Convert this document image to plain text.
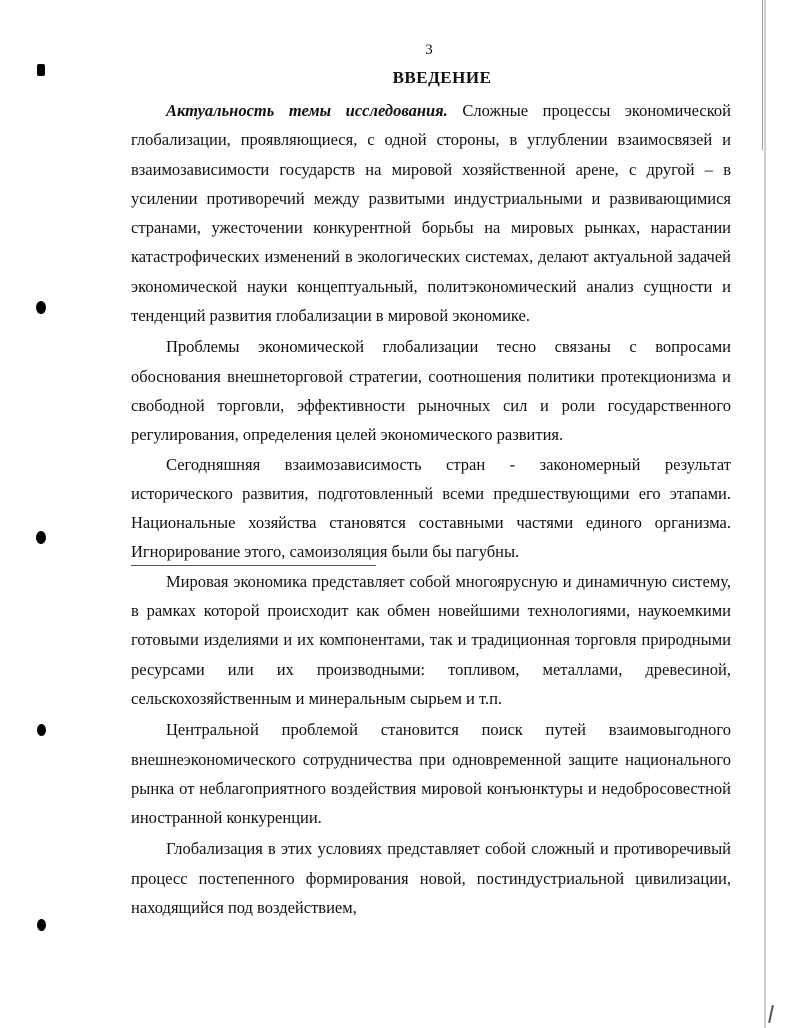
3
ВВЕДЕНИЕ

Актуальность темы исследования. Сложные процессы экономической глобализации, проявляющиеся, с одной стороны, в углублении взаимосвязей и взаимозависимости государств на мировой хозяйственной арене, с другой – в усилении противоречий между развитыми индустриальными и развивающимися странами, ужесточении конкурентной борьбы на мировых рынках, нарастании катастрофических изменений в экологических системах, делают актуальной задачей экономической науки концептуальный, политэкономический анализ сущности и тенденций развития глобализации в мировой экономике.

Проблемы экономической глобализации тесно связаны с вопросами обоснования внешнеторговой стратегии, соотношения политики протекционизма и свободной торговли, эффективности рыночных сил и роли государственного регулирования, определения целей экономического развития.

Сегодняшняя взаимозависимость стран - закономерный результат исторического развития, подготовленный всеми предшествующими его этапами. Национальные хозяйства становятся составными частями единого организма. Игнорирование этого, самоизоляция были бы пагубны.

Мировая экономика представляет собой многоярусную и динамичную систему, в рамках которой происходит как обмен новейшими технологиями, наукоемкими готовыми изделиями и их компонентами, так и традиционная торговля природными ресурсами или их производными: топливом, металлами, древесиной, сельскохозяйственным и минеральным сырьем и т.п.

Центральной проблемой становится поиск путей взаимовыгодного внешнеэкономического сотрудничества при одновременной защите национального рынка от неблагоприятного воздействия мировой конъюнктуры и недобросовестной иностранной конкуренции.

Глобализация в этих условиях представляет собой сложный и противоречивый процесс постепенного формирования новой, постиндустриальной цивилизации, находящийся под воздействием,
